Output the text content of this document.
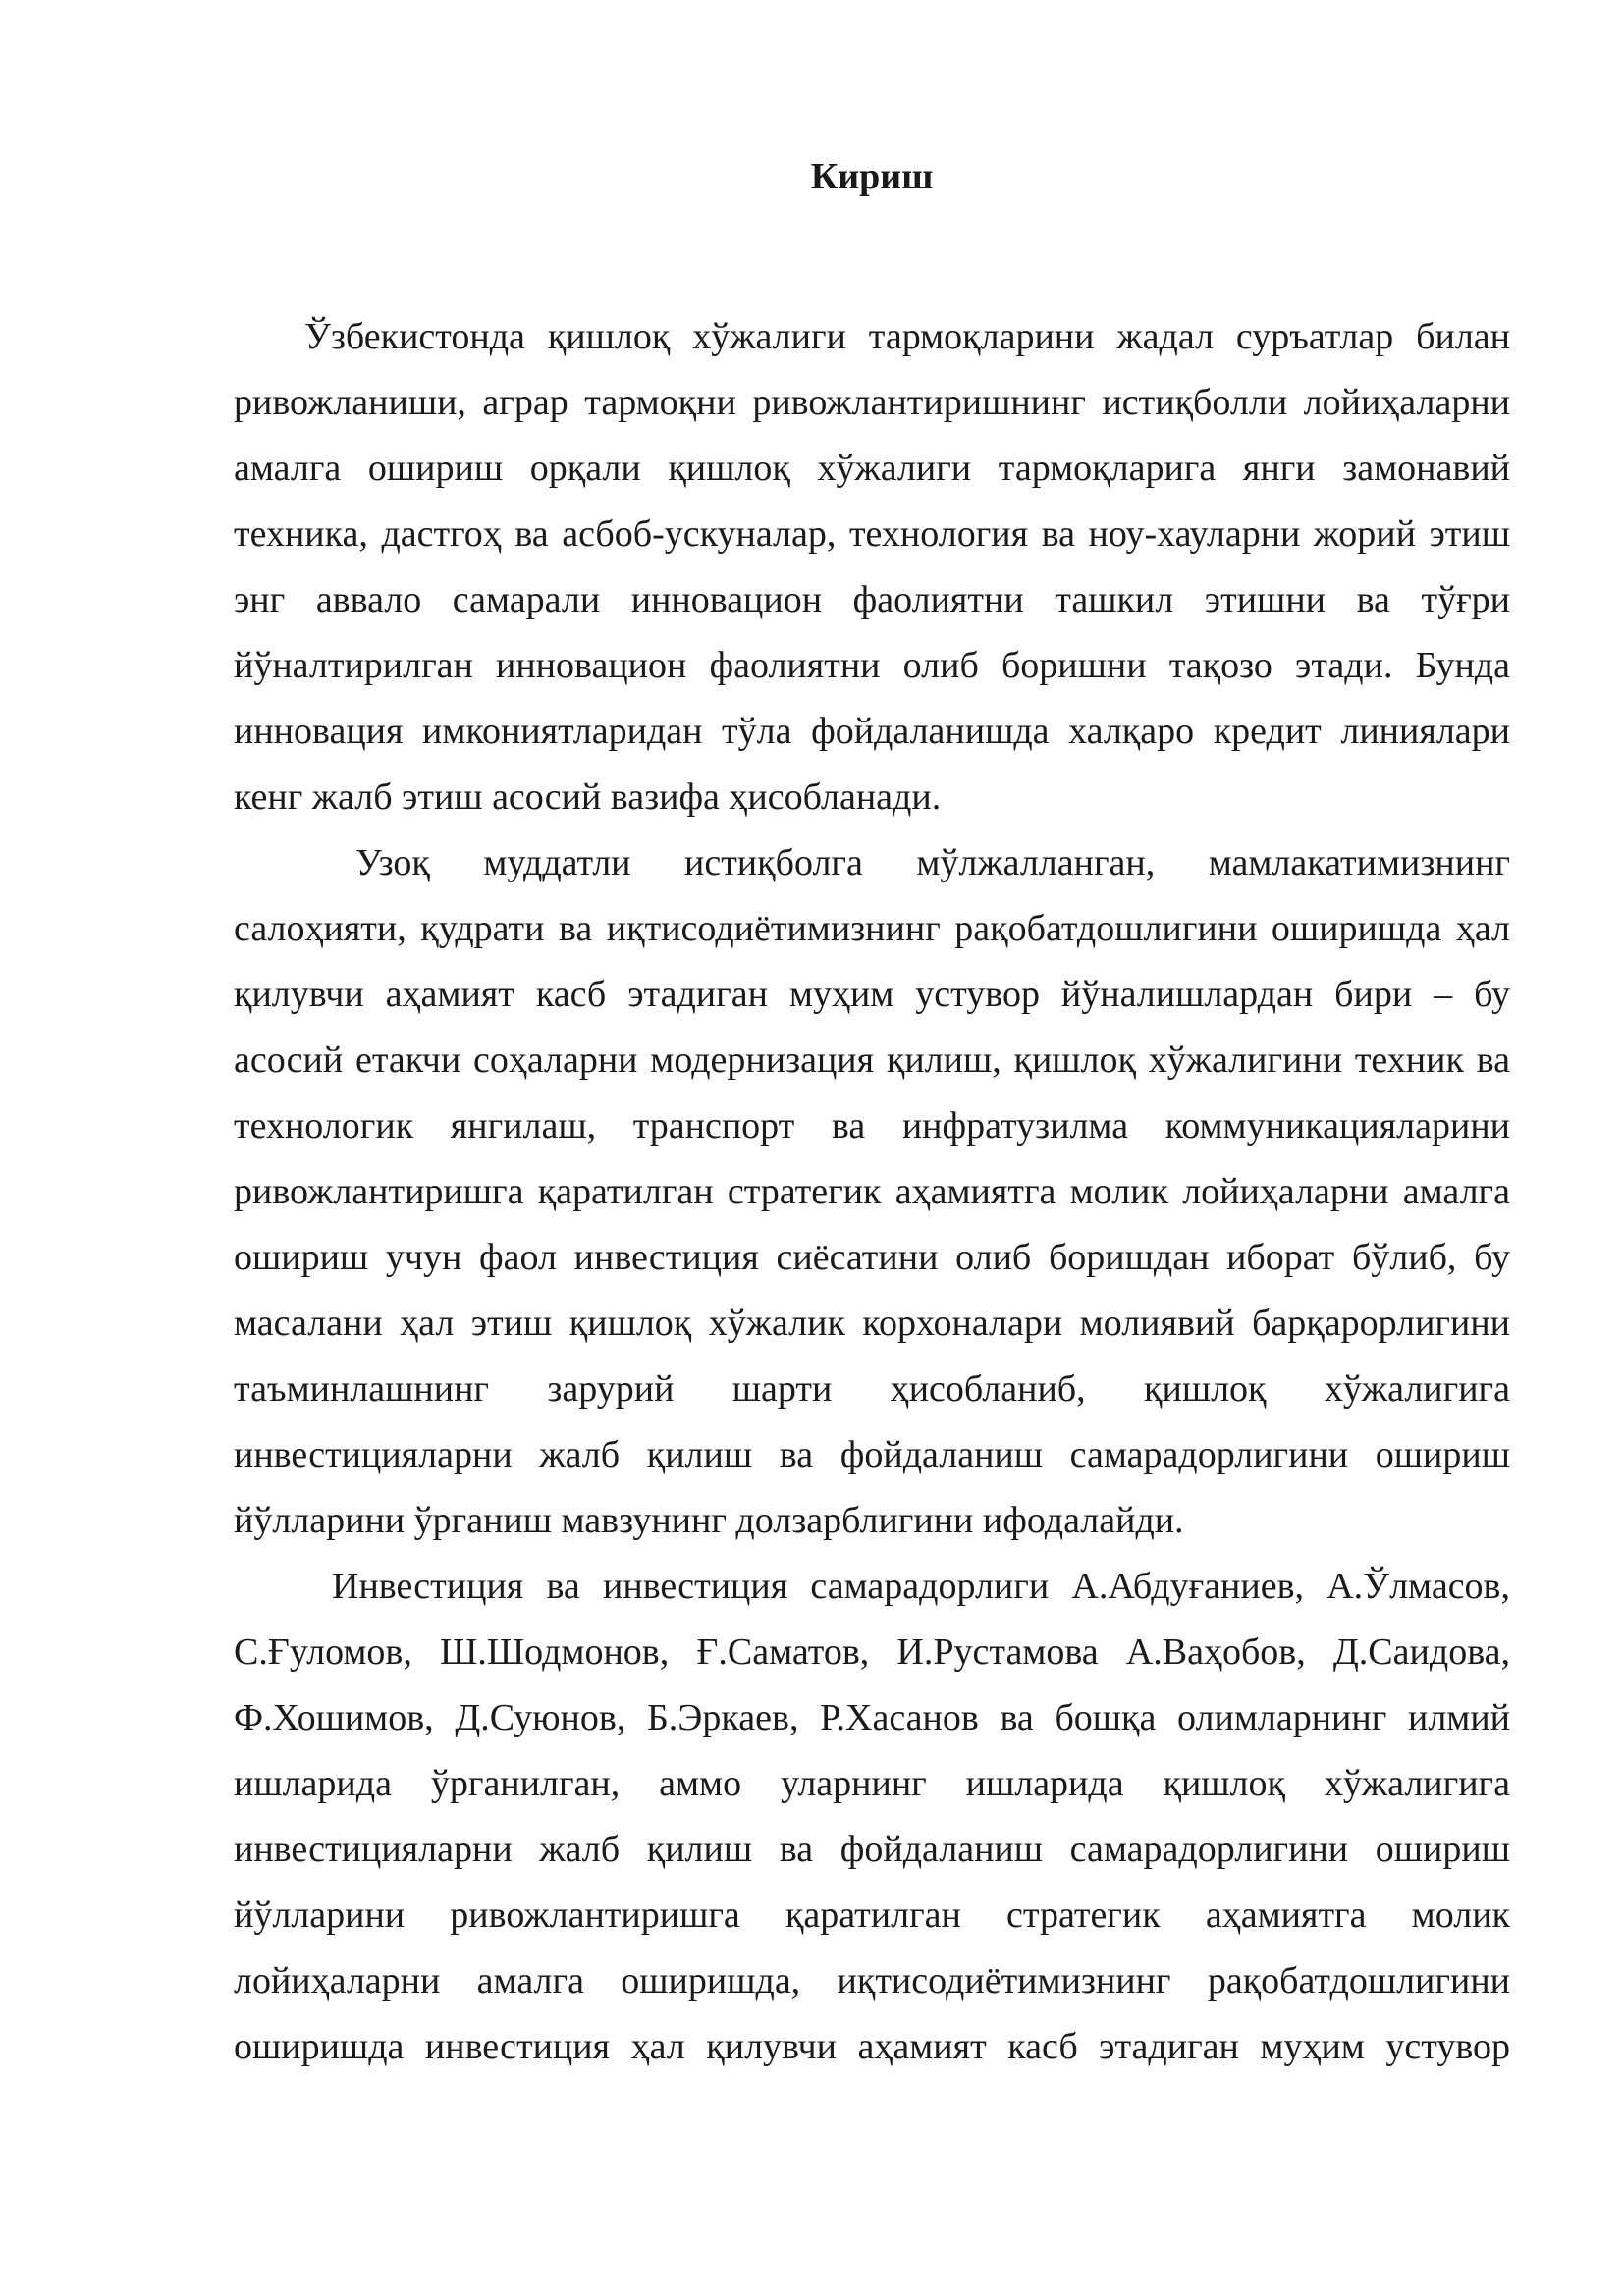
Кириш

Ўзбекистонда қишлоқ хўжалиги тармоқларини жадал суръатлар билан ривожланиши, аграр тармоқни ривожлантиришнинг истиқболли лойиҳаларни амалга ошириш орқали қишлоқ хўжалиги тармоқларига янги замонавий техника, дастгоҳ ва асбоб-ускуналар, технология ва ноу-хауларни жорий этиш энг аввало самарали инновацион фаолиятни ташкил этишни ва тўғри йўналтирилган инновацион фаолиятни олиб боришни тақозо этади. Бунда инновация имкониятларидан тўла фойдаланишда халқаро кредит линиялари кенг жалб этиш асосий вазифа ҳисобланади.

Узоқ муддатли истиқболга мўлжалланган, мамлакатимизнинг салоҳияти, қудрати ва иқтисодиётимизнинг рақобатдошлигини оширишда ҳал қилувчи аҳамият касб этадиган муҳим устувор йўналишлардан бири – бу асосий етакчи соҳаларни модернизация қилиш, қишлоқ хўжалигини техник ва технологик янгилаш, транспорт ва инфратузилма коммуникацияларини ривожлантиришга қаратилган стратегик аҳамиятга молик лойиҳаларни амалга ошириш учун фаол инвестиция сиёсатини олиб боришдан иборат бўлиб, бу масалани ҳал этиш қишлоқ хўжалик корхоналари молиявий барқарорлигини таъминлашнинг зарурий шарти ҳисобланиб, қишлоқ хўжалигига инвестицияларни жалб қилиш ва фойдаланиш самарадорлигини ошириш йўлларини ўрганиш мавзунинг долзарблигини ифодалайди.

Инвестиция ва инвестиция самарадорлиги А.Абдуғаниев, А.Ўлмасов, С.Ғуломов, Ш.Шодмонов, Ғ.Саматов, И.Рустамова А.Ваҳобов, Д.Саидова, Ф.Хошимов, Д.Суюнов, Б.Эркаев, Р.Хасанов ва бошқа олимларнинг илмий ишларида ўрганилган, аммо уларнинг ишларида қишлоқ хўжалигига инвестицияларни жалб қилиш ва фойдаланиш самарадорлигини ошириш йўлларини ривожлантиришга қаратилган стратегик аҳамиятга молик лойиҳаларни амалга оширишда, иқтисодиётимизнинг рақобатдошлигини оширишда инвестиция ҳал қилувчи аҳамият касб этадиган муҳим устувор
